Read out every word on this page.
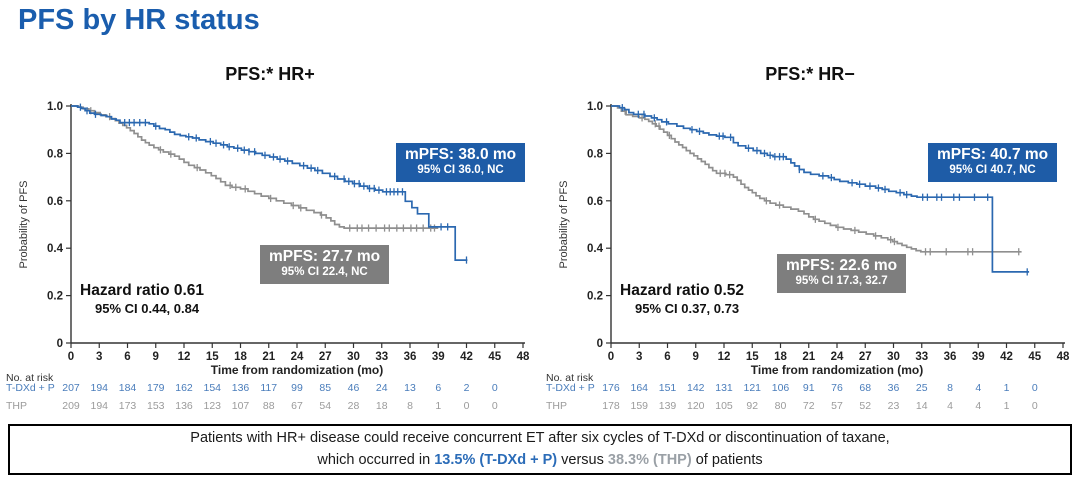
PFS by HR status
PFS:* HR+
0 3 6 9 12 15 18 21 24 27 30 33 36 39 42 45 48
1.0
0.8
0.6
0.4
0.2
0
Time from randomization (mo)
Probability of PFS
No. at risk
T-DXd + P 207 194 184 179 162 154 136 117 99 85 46 24 13 6 2 0
THP	209 194 173 153 136 123 107 88 67 54 28 18 8 1 0 0
mPFS: 38.0 mo
95% CI 36.0, NC
mPFS: 27.7 mo
95% CI 22.4, NC
Hazard ratio 0.61
95% CI 0.44, 0.84
PFS:* HR−
0 3 6 9 12 15 18 21 24 27 30 33 36 39 42 45 48
1.0
0.8
0.6
0.4
0.2
0
Time from randomization (mo)
Probability of PFS
No. at risk
T-DXd + P 176 164 151 142 131 121 106 91 76 68 36 25 8 4 1 0
THP	178 159 139 120 105 92 80 72 57 52 23 14 4 4 1 0
mPFS: 40.7 mo
95% CI 40.7, NC
mPFS: 22.6 mo
95% CI 17.3, 32.7
Hazard ratio 0.52
95% CI 0.37, 0.73
Patients with HR+ disease could receive concurrent ET after six cycles of T-DXd or discontinuation of taxane,
which occurred in 13.5% (T-DXd + P) versus 38.3% (THP) of patients
